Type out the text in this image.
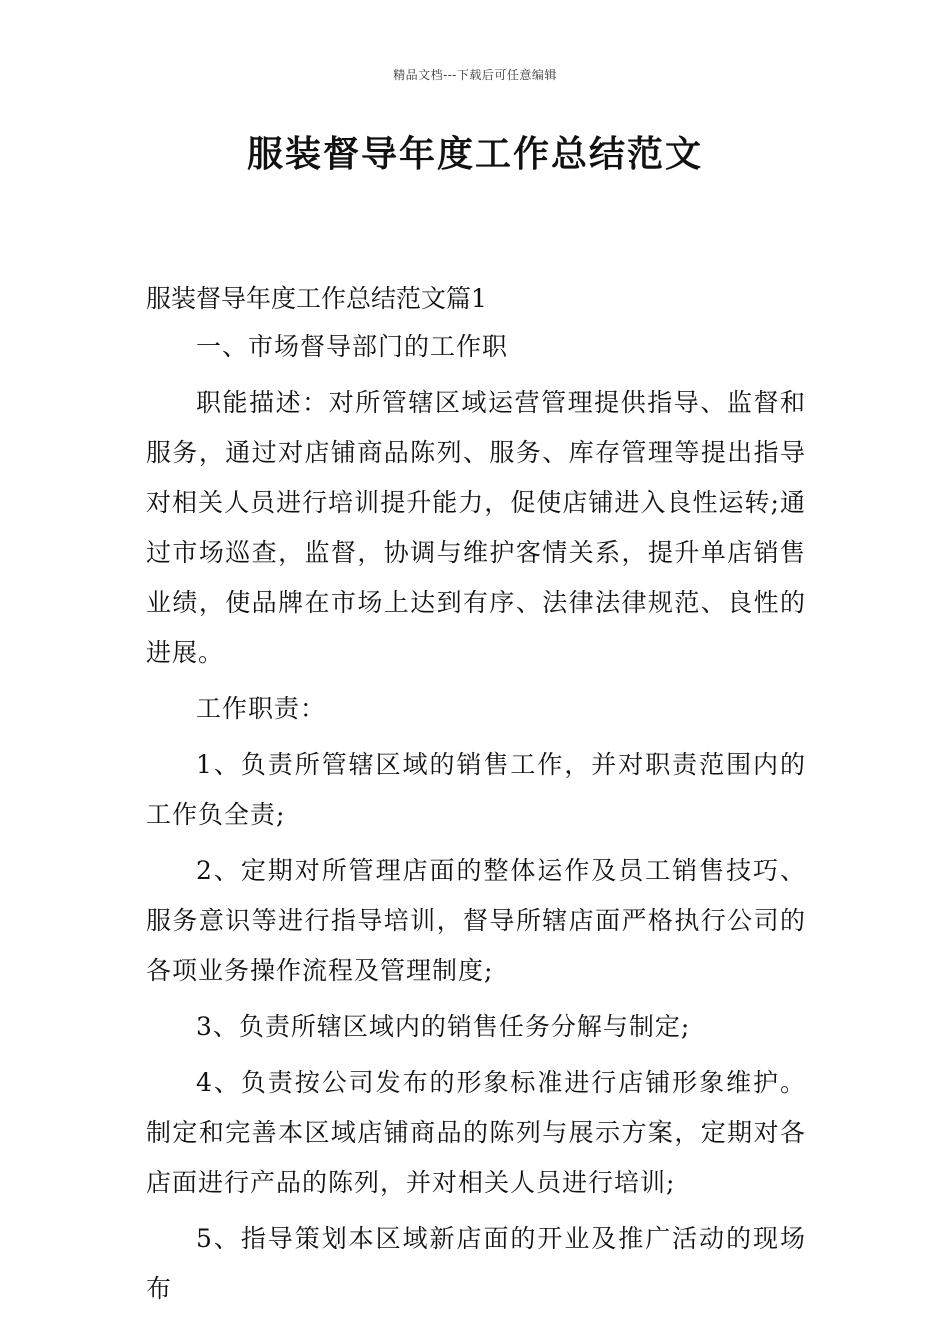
精品文档---下载后可任意编辑
服装督导年度工作总结范文

服装督导年度工作总结范文篇1

一、市场督导部门的工作职

职能描述：对所管辖区域运营管理提供指导、监督和服务，通过对店铺商品陈列、服务、库存管理等提出指导对相关人员进行培训提升能力，促使店铺进入良性运转;通过市场巡查，监督，协调与维护客情关系，提升单店销售业绩，使品牌在市场上达到有序、法律法律规范、良性的进展。

工作职责：

1、负责所管辖区域的销售工作，并对职责范围内的工作负全责;

2、定期对所管理店面的整体运作及员工销售技巧、服务意识等进行指导培训，督导所辖店面严格执行公司的各项业务操作流程及管理制度;

3、负责所辖区域内的销售任务分解与制定;

4、负责按公司发布的形象标准进行店铺形象维护。制定和完善本区域店铺商品的陈列与展示方案，定期对各店面进行产品的陈列，并对相关人员进行培训;

5、指导策划本区域新店面的开业及推广活动的现场布
